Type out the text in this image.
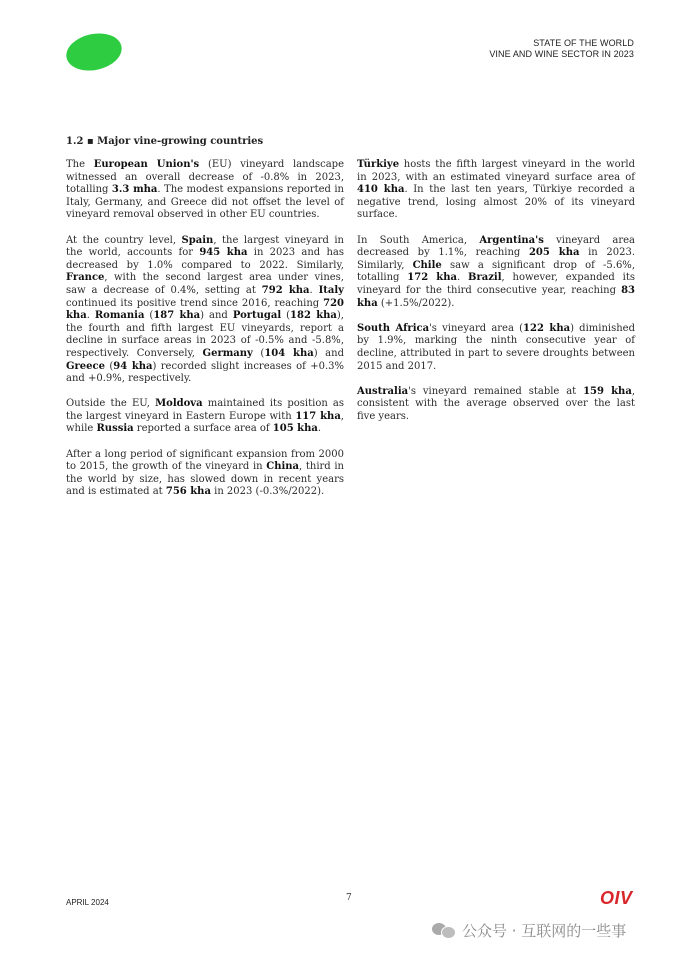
STATE OF THE WORLD
VINE AND WINE SECTOR IN 2023
1.2 ▪ Major vine-growing countries

The European Union's (EU) vineyard landscape witnessed an overall decrease of -0.8% in 2023, totalling 3.3 mha. The modest expansions reported in Italy, Germany, and Greece did not offset the level of vineyard removal observed in other EU countries.

At the country level, Spain, the largest vineyard in the world, accounts for 945 kha in 2023 and has decreased by 1.0% compared to 2022. Similarly, France, with the second largest area under vines, saw a decrease of 0.4%, setting at 792 kha. Italy continued its positive trend since 2016, reaching 720 kha. Romania (187 kha) and Portugal (182 kha), the fourth and fifth largest EU vineyards, report a decline in surface areas in 2023 of -0.5% and -5.8%, respectively. Conversely, Germany (104 kha) and Greece (94 kha) recorded slight increases of +0.3% and +0.9%, respectively.

Outside the EU, Moldova maintained its position as the largest vineyard in Eastern Europe with 117 kha, while Russia reported a surface area of 105 kha.

After a long period of significant expansion from 2000 to 2015, the growth of the vineyard in China, third in the world by size, has slowed down in recent years and is estimated at 756 kha in 2023 (-0.3%/2022).

Türkiye hosts the fifth largest vineyard in the world in 2023, with an estimated vineyard surface area of 410 kha. In the last ten years, Türkiye recorded a negative trend, losing almost 20% of its vineyard surface.

In South America, Argentina's vineyard area decreased by 1.1%, reaching 205 kha in 2023. Similarly, Chile saw a significant drop of -5.6%, totalling 172 kha. Brazil, however, expanded its vineyard for the third consecutive year, reaching 83 kha (+1.5%/2022).

South Africa's vineyard area (122 kha) diminished by 1.9%, marking the ninth consecutive year of decline, attributed in part to severe droughts between 2015 and 2017.

Australia's vineyard remained stable at 159 kha, consistent with the average observed over the last five years.

APRIL 2024	7	OIV
公众号 · 互联网的一些事
